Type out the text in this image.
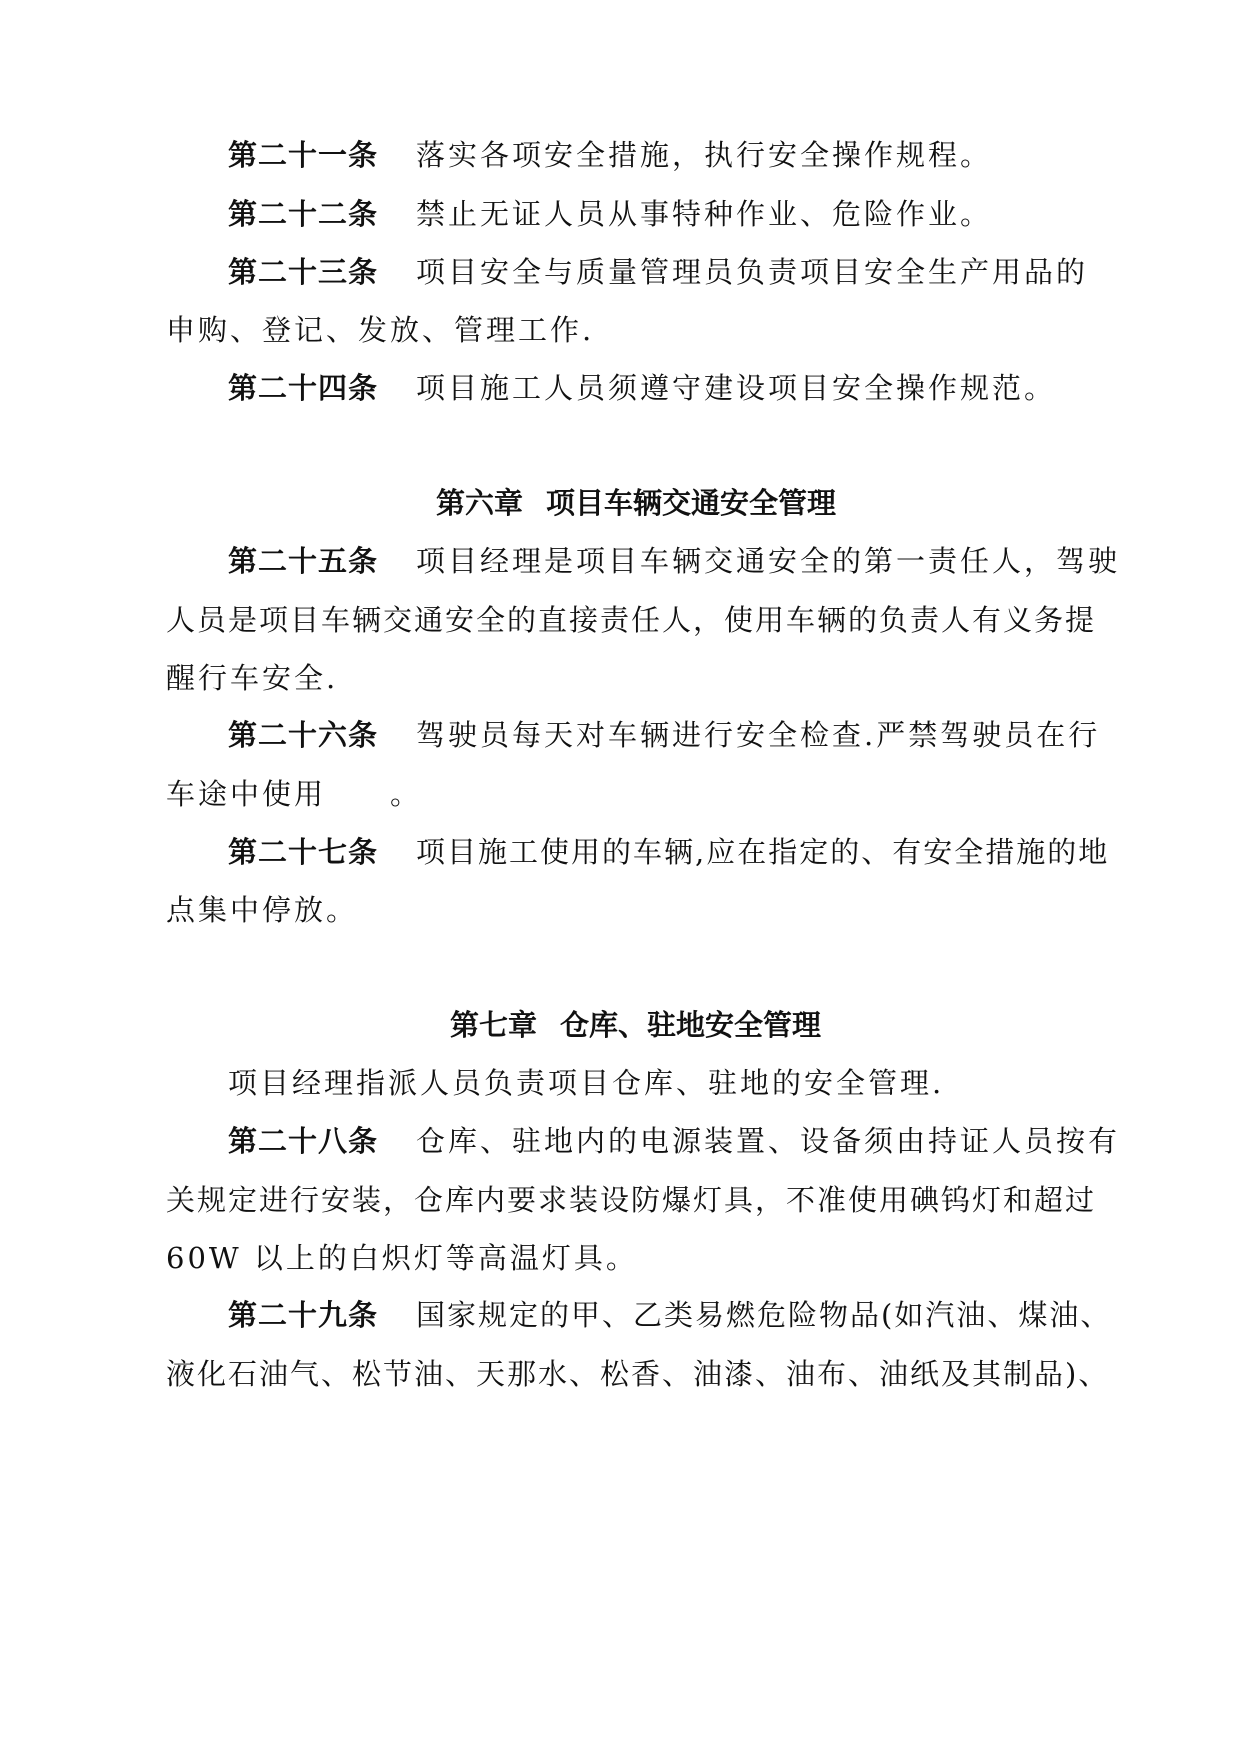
第二十一条 落实各项安全措施，执行安全操作规程。
第二十二条 禁止无证人员从事特种作业、危险作业。
第二十三条 项目安全与质量管理员负责项目安全生产用品的
申购、登记、发放、管理工作.
第二十四条 项目施工人员须遵守建设项目安全操作规范。
第六章 项目车辆交通安全管理
第二十五条 项目经理是项目车辆交通安全的第一责任人，驾驶
人员是项目车辆交通安全的直接责任人，使用车辆的负责人有义务提
醒行车安全.
第二十六条 驾驶员每天对车辆进行安全检查.严禁驾驶员在行
车途中使用　　。
第二十七条 项目施工使用的车辆,应在指定的、有安全措施的地
点集中停放。
第七章 仓库、驻地安全管理
项目经理指派人员负责项目仓库、驻地的安全管理.
第二十八条 仓库、驻地内的电源装置、设备须由持证人员按有
关规定进行安装，仓库内要求装设防爆灯具，不准使用碘钨灯和超过
60W 以上的白炽灯等高温灯具。
第二十九条 国家规定的甲、乙类易燃危险物品(如汽油、煤油、
液化石油气、松节油、天那水、松香、油漆、油布、油纸及其制品)、
